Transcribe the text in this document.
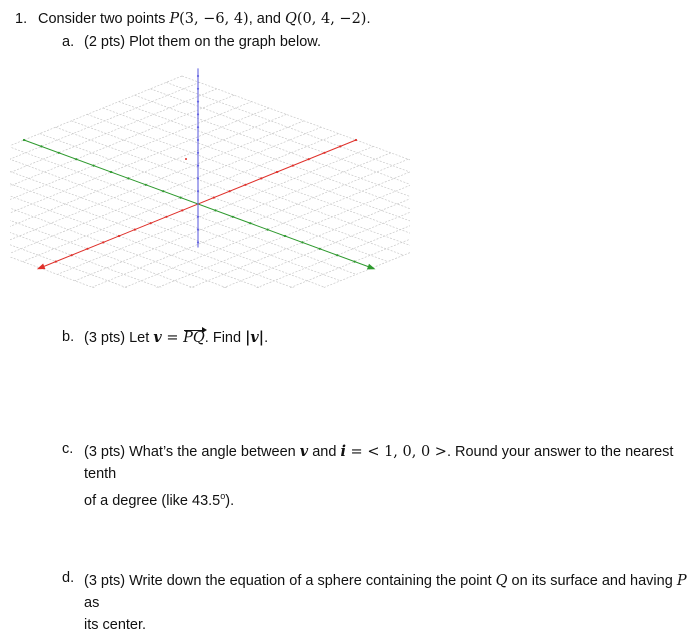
1. Consider two points P(3, −6, 4), and Q(0, 4, −2).
a. (2 pts) Plot them on the graph below.
b. (3 pts) Let v = PQ. Find |v|.
c. (3 pts) What’s the angle between v and i = < 1, 0, 0 >. Round your answer to the nearest tenth
of a degree (like 43.5$^o$).
d. (3 pts) Write down the equation of a sphere containing the point Q on its surface and having P as
its center.
